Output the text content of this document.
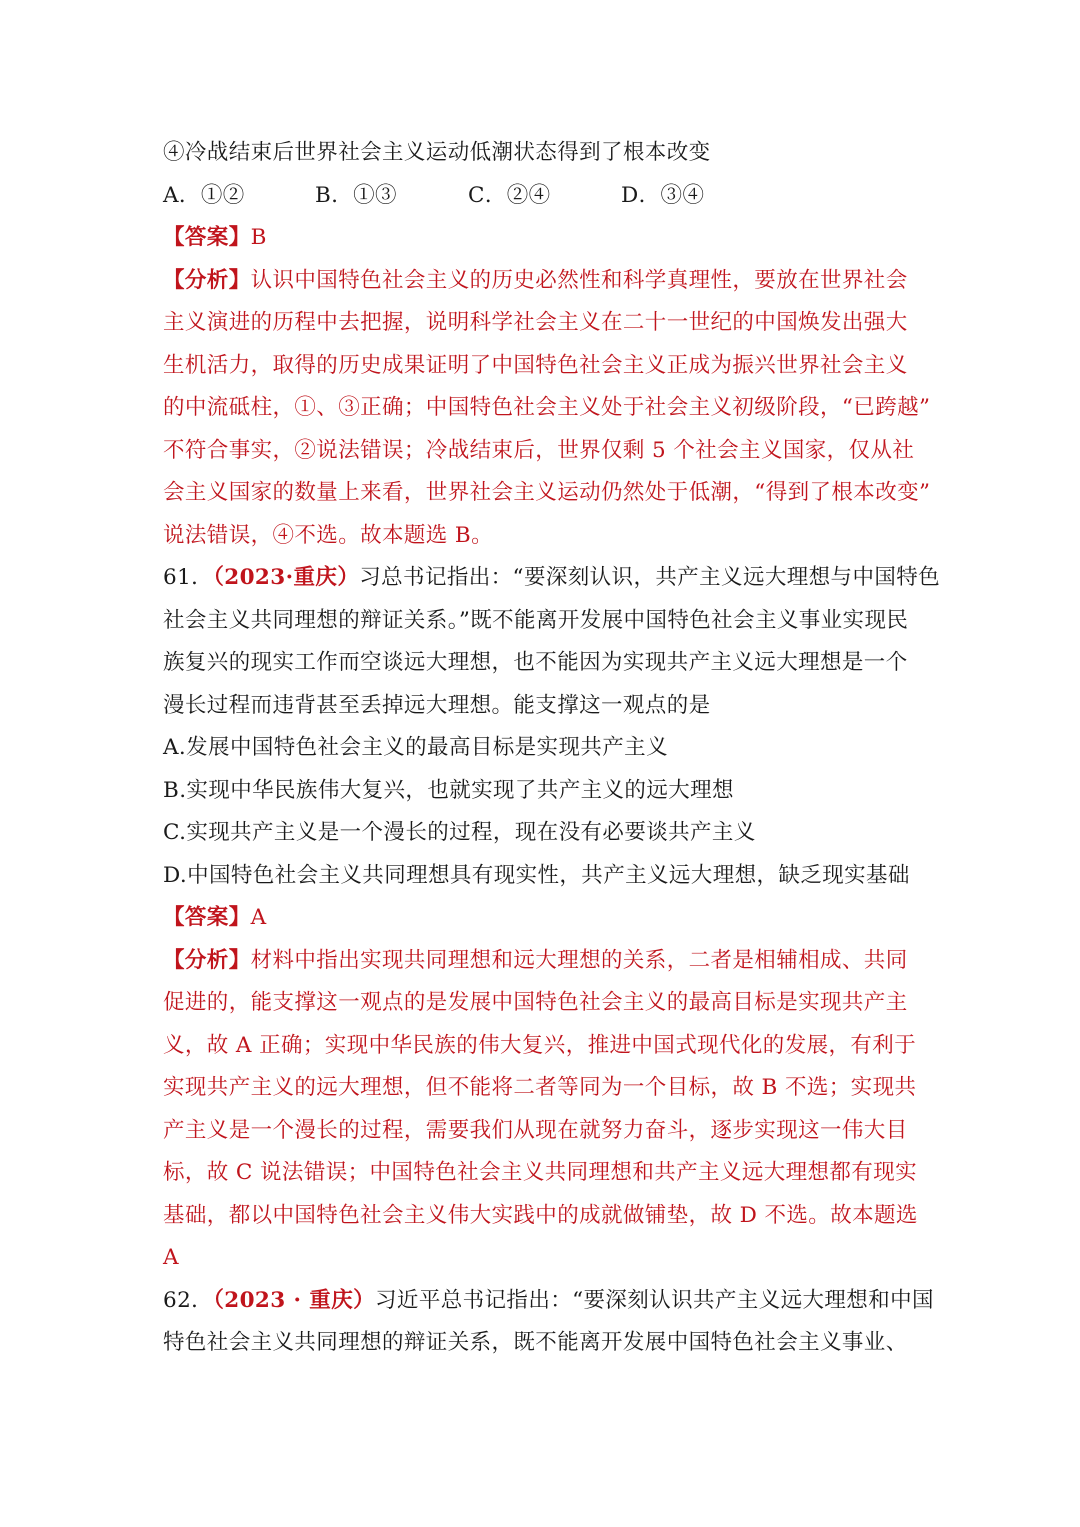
④冷战结束后世界社会主义运动低潮状态得到了根本改变
A．①②	B．①③	C．②④	D．③④
【答案】B
【分析】认识中国特色社会主义的历史必然性和科学真理性，要放在世界社会
主义演进的历程中去把握，说明科学社会主义在二十一世纪的中国焕发出强大
生机活力，取得的历史成果证明了中国特色社会主义正成为振兴世界社会主义
的中流砥柱，①、③正确；中国特色社会主义处于社会主义初级阶段，“已跨越”
不符合事实，②说法错误；冷战结束后，世界仅剩 5 个社会主义国家，仅从社
会主义国家的数量上来看，世界社会主义运动仍然处于低潮，“得到了根本改变”
说法错误，④不选。故本题选 B。
61．（2023·重庆）习总书记指出：“要深刻认识，共产主义远大理想与中国特色
社会主义共同理想的辩证关系。”既不能离开发展中国特色社会主义事业实现民
族复兴的现实工作而空谈远大理想，也不能因为实现共产主义远大理想是一个
漫长过程而违背甚至丢掉远大理想。能支撑这一观点的是
A.发展中国特色社会主义的最高目标是实现共产主义
B.实现中华民族伟大复兴，也就实现了共产主义的远大理想
C.实现共产主义是一个漫长的过程，现在没有必要谈共产主义
D.中国特色社会主义共同理想具有现实性，共产主义远大理想，缺乏现实基础
【答案】A
【分析】材料中指出实现共同理想和远大理想的关系，二者是相辅相成、共同
促进的，能支撑这一观点的是发展中国特色社会主义的最高目标是实现共产主
义，故 A 正确；实现中华民族的伟大复兴，推进中国式现代化的发展，有利于
实现共产主义的远大理想，但不能将二者等同为一个目标，故 B 不选；实现共
产主义是一个漫长的过程，需要我们从现在就努力奋斗，逐步实现这一伟大目
标，故 C 说法错误；中国特色社会主义共同理想和共产主义远大理想都有现实
基础，都以中国特色社会主义伟大实践中的成就做铺垫，故 D 不选。故本题选
A
62．（2023 · 重庆）习近平总书记指出：“要深刻认识共产主义远大理想和中国
特色社会主义共同理想的辩证关系，既不能离开发展中国特色社会主义事业、
